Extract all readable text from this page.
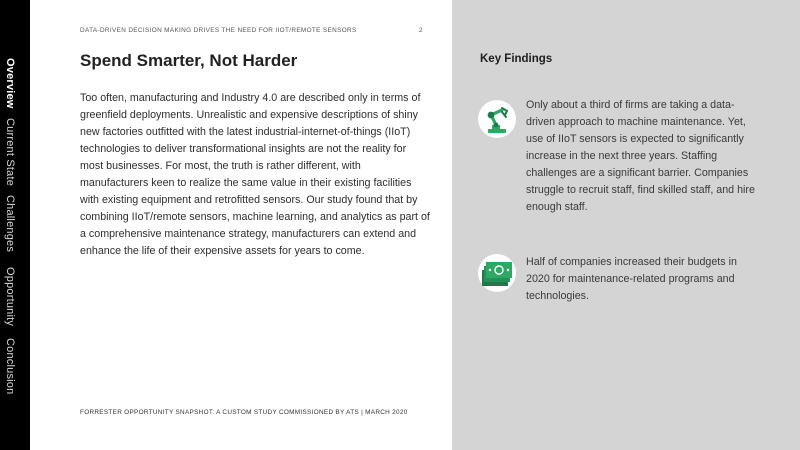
Overview
Current State
Challenges
Opportunity
Conclusion
DATA-DRIVEN DECISION MAKING DRIVES THE NEED FOR IIOT/REMOTE SENSORS	2
Spend Smarter, Not Harder

Too often, manufacturing and Industry 4.0 are described only in terms of greenfield deployments. Unrealistic and expensive descriptions of shiny new factories outfitted with the latest industrial-internet-of-things (IIoT) technologies to deliver transformational insights are not the reality for most businesses. For most, the truth is rather different, with manufacturers keen to realize the same value in their existing facilities with existing equipment and retrofitted sensors. Our study found that by combining IIoT/remote sensors, machine learning, and analytics as part of a comprehensive maintenance strategy, manufacturers can extend and enhance the life of their expensive assets for years to come.

FORRESTER OPPORTUNITY SNAPSHOT: A CUSTOM STUDY COMMISSIONED BY ATS | MARCH 2020
Key Findings

Only about a third of firms are taking a data-driven approach to machine maintenance. Yet, use of IIoT sensors is expected to significantly increase in the next three years. Staffing challenges are a significant barrier. Companies struggle to recruit staff, find skilled staff, and hire enough staff.

Half of companies increased their budgets in 2020 for maintenance-related programs and technologies.
